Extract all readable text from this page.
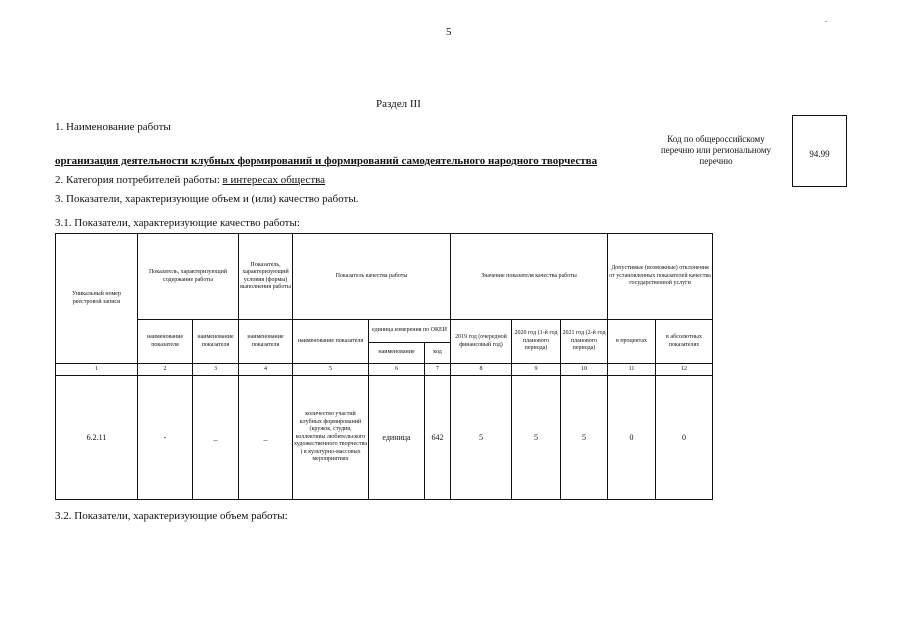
.
5
Раздел III
1. Наименование работы
организация деятельности клубных формирований и формирований самодеятельного народного творчества
Код по общероссийскому перечню или региональному перечню
94.99
2. Категория потребителей работы: в интересах общества
3. Показатели, характеризующие объем и (или) качество работы.
3.1. Показатели, характеризующие качество работы:
Уникальный номер реестровой записи	Показатель, характеризующий содержание работы		Показатель, характеризующий условия (формы) выполнения работы	Показатель качества работы			Значение показателя качества работы			Допустимые (возможные) отклонения от установленных показателей качества государственной услуги	
	наименование показателя	наименование показателя	наименование показателя	наименование показателя	единица измерения по ОКЕИ		2019 год (очередной финансовый год)	2020 год (1-й год планового периода)	2021 год (2-й год планового периода)	в процентах	в абсолютных показателях
					наименование	код					
1	2	3	4	5	6	7	8	9	10	11	12
6.2.11	-	_	_	количество участий клубных формирований (кружок, студия, коллективы любительского художественного творчества ) в культурно-массовых мероприятиях	единица	642	5	5	5	0	0
3.2. Показатели, характеризующие объем работы:
